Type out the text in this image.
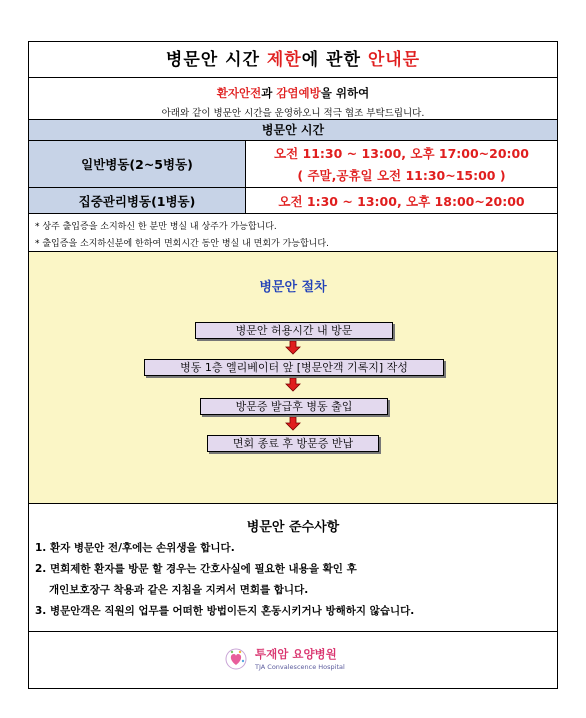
병문안 시간 제한에 관한 안내문
환자안전과 감염예방을 위하여
아래와 같이 병문안 시간을 운영하오니 적극 협조 부탁드립니다.
병문안 시간
일반병동(2~5병동)
오전 11:30 ~ 13:00, 오후 17:00~20:00
( 주말,공휴일 오전 11:30~15:00 )
집중관리병동(1병동)	오전 1:30 ~ 13:00, 오후 18:00~20:00
* 상주 출입증을 소지하신 한 분만 병실 내 상주가 가능합니다.
* 출입증을 소지하신분에 한하여 면회시간 동안 병실 내 면회가 가능합니다.
병문안 절차
병문안 허용시간 내 방문
병동 1층 엘리베이터 앞 [병문안객 기록지] 작성
방문증 발급후 병동 출입
면회 종료 후 방문증 반납
병문안 준수사항
1. 환자 병문안 전/후에는 손위생을 합니다.
2. 면회제한 환자를 방문 할 경우는 간호사실에 필요한 내용을 확인 후
개인보호장구 착용과 같은 지침을 지켜서 면회를 합니다.
3. 병문안객은 직원의 업무를 어떠한 방법이든지 혼동시키거나 방해하지 않습니다.
투재암 요양병원
TJA Convalescence Hospital
